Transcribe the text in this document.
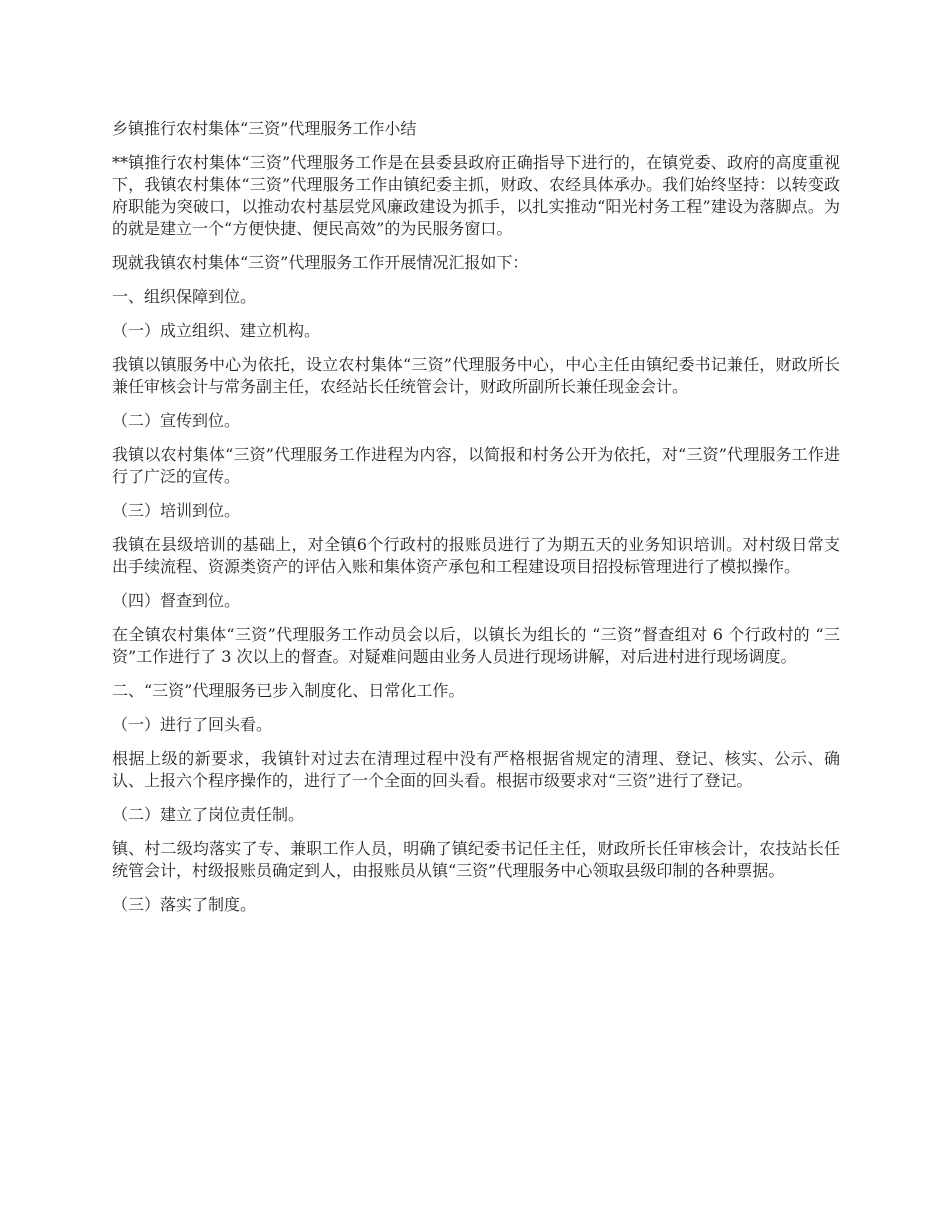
乡镇推行农村集体“三资”代理服务工作小结

**镇推行农村集体“三资”代理服务工作是在县委县政府正确指导下进行的，在镇党委、政府的高度重视下，我镇农村集体“三资”代理服务工作由镇纪委主抓，财政、农经具体承办。我们始终坚持：以转变政府职能为突破口，以推动农村基层党风廉政建设为抓手，以扎实推动“阳光村务工程”建设为落脚点。为的就是建立一个“方便快捷、便民高效”的为民服务窗口。

现就我镇农村集体“三资”代理服务工作开展情况汇报如下：

一、组织保障到位。

（一）成立组织、建立机构。

我镇以镇服务中心为依托，设立农村集体“三资”代理服务中心，中心主任由镇纪委书记兼任，财政所长兼任审核会计与常务副主任，农经站长任统管会计，财政所副所长兼任现金会计。

（二）宣传到位。

我镇以农村集体“三资”代理服务工作进程为内容，以简报和村务公开为依托，对“三资”代理服务工作进行了广泛的宣传。

（三）培训到位。

我镇在县级培训的基础上，对全镇6个行政村的报账员进行了为期五天的业务知识培训。对村级日常支出手续流程、资源类资产的评估入账和集体资产承包和工程建设项目招投标管理进行了模拟操作。

（四）督查到位。

在全镇农村集体“三资”代理服务工作动员会以后，以镇长为组长的 “三资”督查组对 6 个行政村的 “三资”工作进行了 3 次以上的督查。对疑难问题由业务人员进行现场讲解，对后进村进行现场调度。

二、“三资”代理服务已步入制度化、日常化工作。

（一）进行了回头看。

根据上级的新要求，我镇针对过去在清理过程中没有严格根据省规定的清理、登记、核实、公示、确认、上报六个程序操作的，进行了一个全面的回头看。根据市级要求对“三资”进行了登记。

（二）建立了岗位责任制。

镇、村二级均落实了专、兼职工作人员，明确了镇纪委书记任主任，财政所长任审核会计，农技站长任统管会计，村级报账员确定到人，由报账员从镇“三资”代理服务中心领取县级印制的各种票据。

（三）落实了制度。
